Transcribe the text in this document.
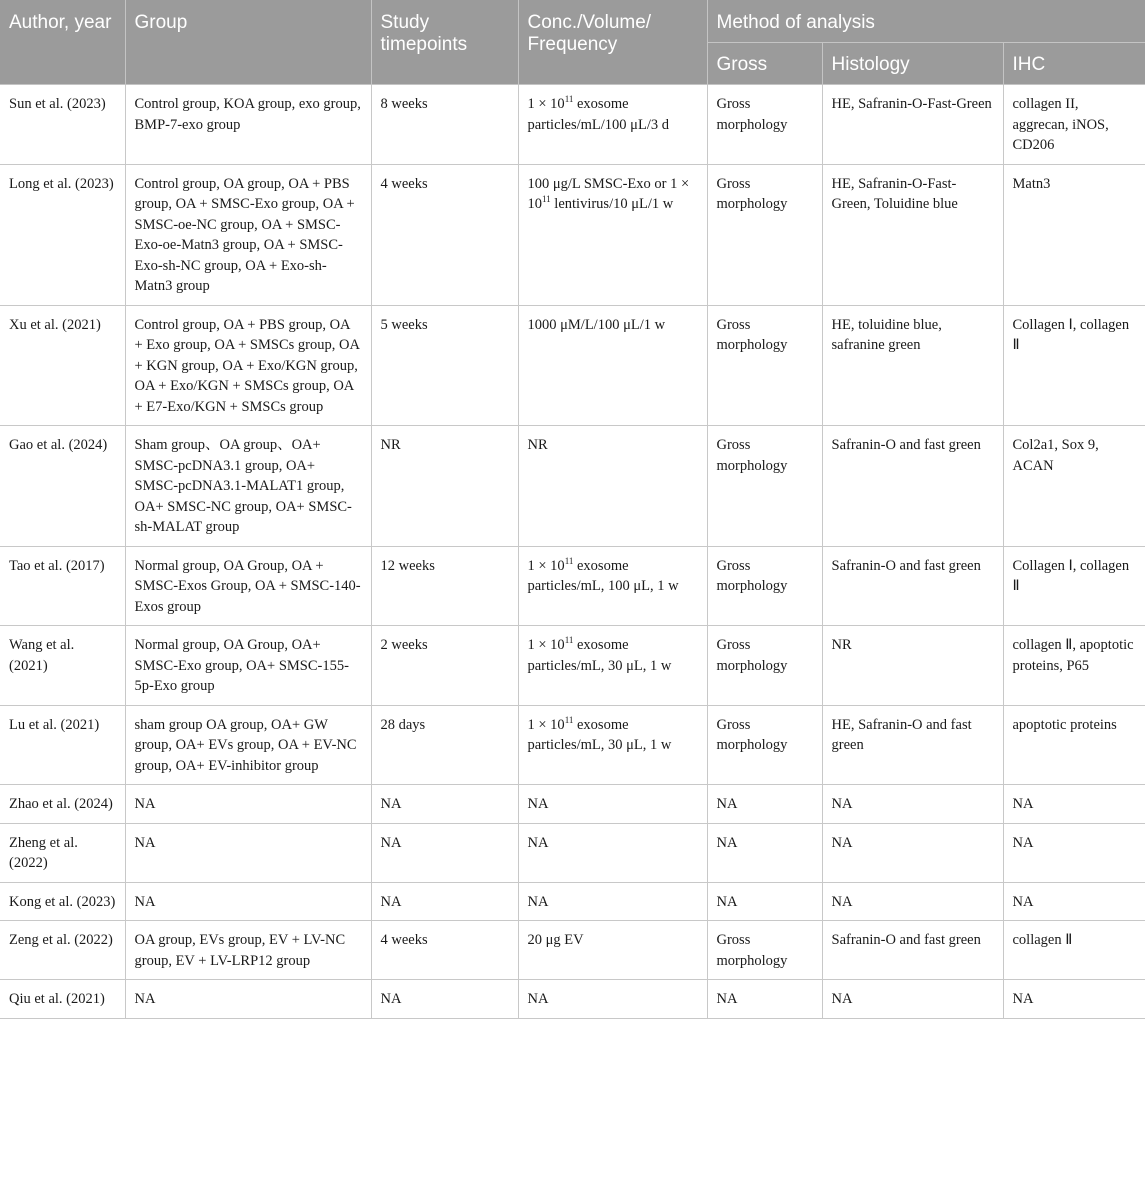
Author, year	Group	Study timepoints	Conc./Volume/ Frequency	Method of analysis		
				Gross	Histology	IHC
Sun et al. (2023)	Control group, KOA group, exo group, BMP-7-exo group	8 weeks	$1 \times 10^{11}$ exosome particles/mL/100 μL/3 d	Gross morphology	HE, Safranin-O-Fast-Green	collagen II, aggrecan, iNOS, CD206
Long et al. (2023)	Control group, OA group, OA + PBS group, OA + SMSC-Exo group, OA + SMSC-oe-NC group, OA + SMSC-Exo-oe-Matn3 group, OA + SMSC-Exo-sh-NC group, OA + Exo-sh-Matn3 group	4 weeks	100 μg/L SMSC-Exo or $1 \times 10^{11}$ lentivirus/10 μL/1 w	Gross morphology	HE, Safranin-O-Fast-Green, Toluidine blue	Matn3
Xu et al. (2021)	Control group, OA + PBS group, OA + Exo group, OA + SMSCs group, OA + KGN group, OA + Exo/KGN group, OA + Exo/KGN + SMSCs group, OA + E7-Exo/KGN + SMSCs group	5 weeks	1000 μM/L/100 μL/1 w	Gross morphology	HE, toluidine blue, safranine green	Collagen Ⅰ, collagen Ⅱ
Gao et al. (2024)	Sham group、OA group、OA+ SMSC-pcDNA3.1 group, OA+ SMSC-pcDNA3.1-MALAT1 group, OA+ SMSC-NC group, OA+ SMSC-sh-MALAT group	NR	NR	Gross morphology	Safranin-O and fast green	Col2a1, Sox 9, ACAN
Tao et al. (2017)	Normal group, OA Group, OA + SMSC-Exos Group, OA + SMSC-140-Exos group	12 weeks	$1 \times 10^{11}$ exosome particles/mL, 100 μL, 1 w	Gross morphology	Safranin-O and fast green	Collagen Ⅰ, collagen Ⅱ
Wang et al. (2021)	Normal group, OA Group, OA+ SMSC-Exo group, OA+ SMSC-155-5p-Exo group	2 weeks	$1 \times 10^{11}$ exosome particles/mL, 30 μL, 1 w	Gross morphology	NR	collagen Ⅱ, apoptotic proteins, P65
Lu et al. (2021)	sham group OA group, OA+ GW group, OA+ EVs group, OA + EV-NC group, OA+ EV-inhibitor group	28 days	$1 \times 10^{11}$ exosome particles/mL, 30 μL, 1 w	Gross morphology	HE, Safranin-O and fast green	apoptotic proteins
Zhao et al. (2024)	NA	NA	NA	NA	NA	NA
Zheng et al. (2022)	NA	NA	NA	NA	NA	NA
Kong et al. (2023)	NA	NA	NA	NA	NA	NA
Zeng et al. (2022)	OA group, EVs group, EV + LV-NC group, EV + LV-LRP12 group	4 weeks	20 μg EV	Gross morphology	Safranin-O and fast green	collagen Ⅱ
Qiu et al. (2021)	NA	NA	NA	NA	NA	NA
